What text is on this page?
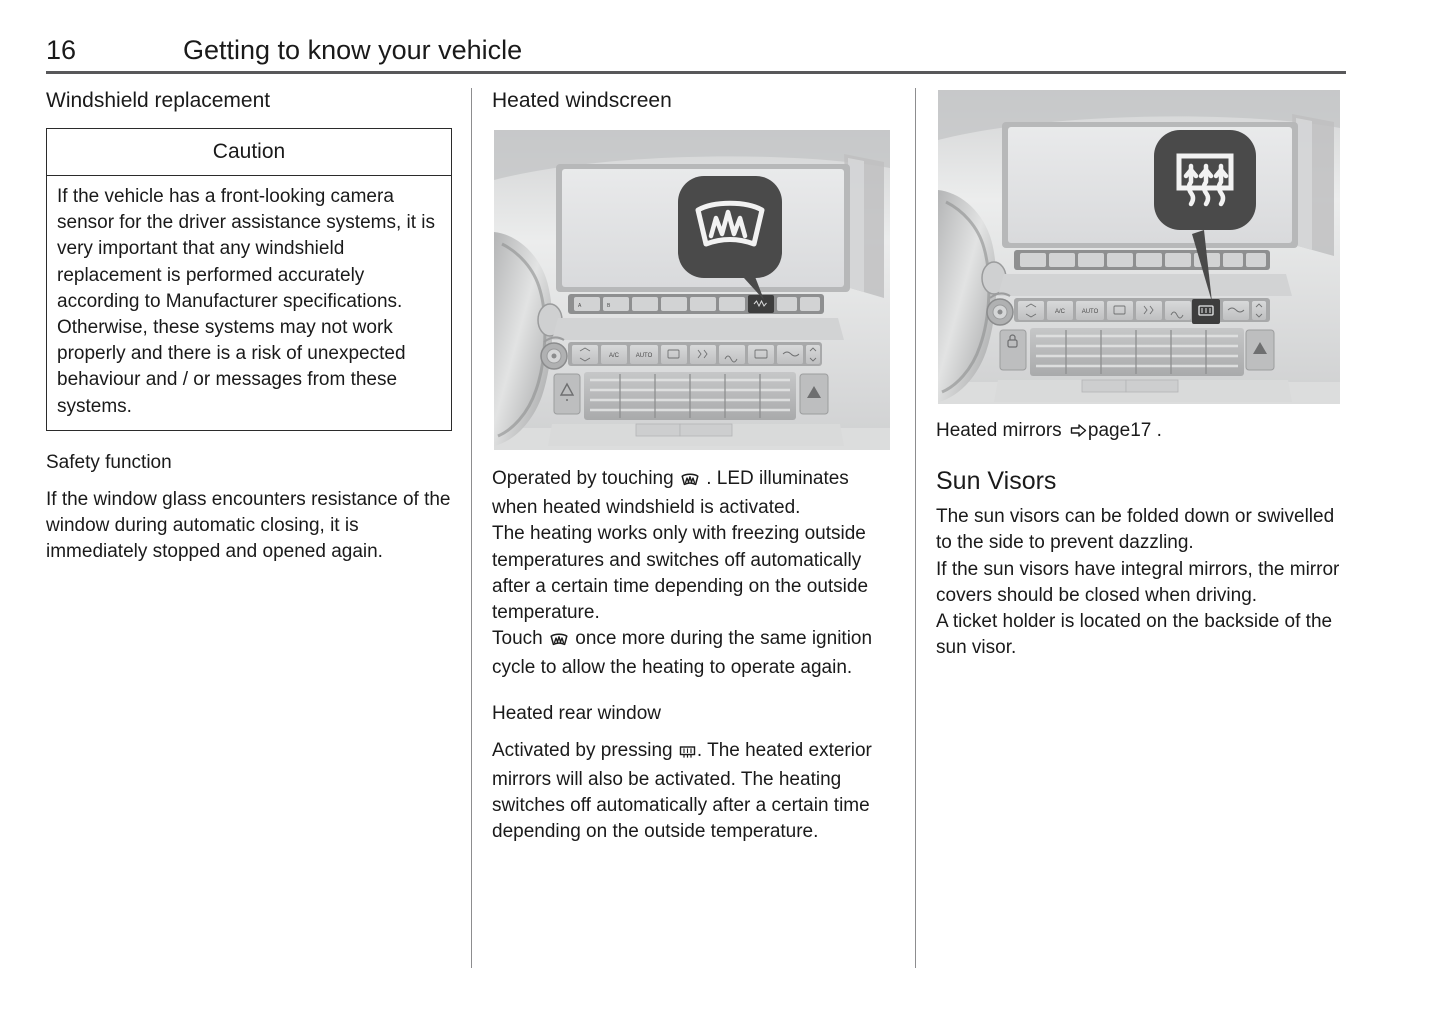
16	Getting to know your vehicle
Windshield replacement
Caution
If the vehicle has a front-looking camera sensor for the driver assistance systems, it is very important that any windshield replacement is performed accurately according to Manufacturer specifications. Otherwise, these systems may not work properly and there is a risk of unexpected behaviour and / or messages from these systems.
Safety function

If the window glass encounters resistance of the window during automatic closing, it is immediately stopped and opened again.

Heated windscreen
A	B
A/C	AUTO

Operated by touching  . LED illuminates when heated windshield is activated.

The heating works only with freezing outside temperatures and switches off automatically after a certain time depending on the outside temperature.

Touch  once more during the same ignition cycle to allow the heating to operate again.

Heated rear window

Activated by pressing . The heated exterior mirrors will also be activated. The heating switches off automatically after a certain time depending on the outside temperature.

A/C	AUTO

Heated mirrors page17 .

Sun Visors

The sun visors can be folded down or swivelled to the side to prevent dazzling.

If the sun visors have integral mirrors, the mirror covers should be closed when driving.

A ticket holder is located on the backside of the sun visor.
